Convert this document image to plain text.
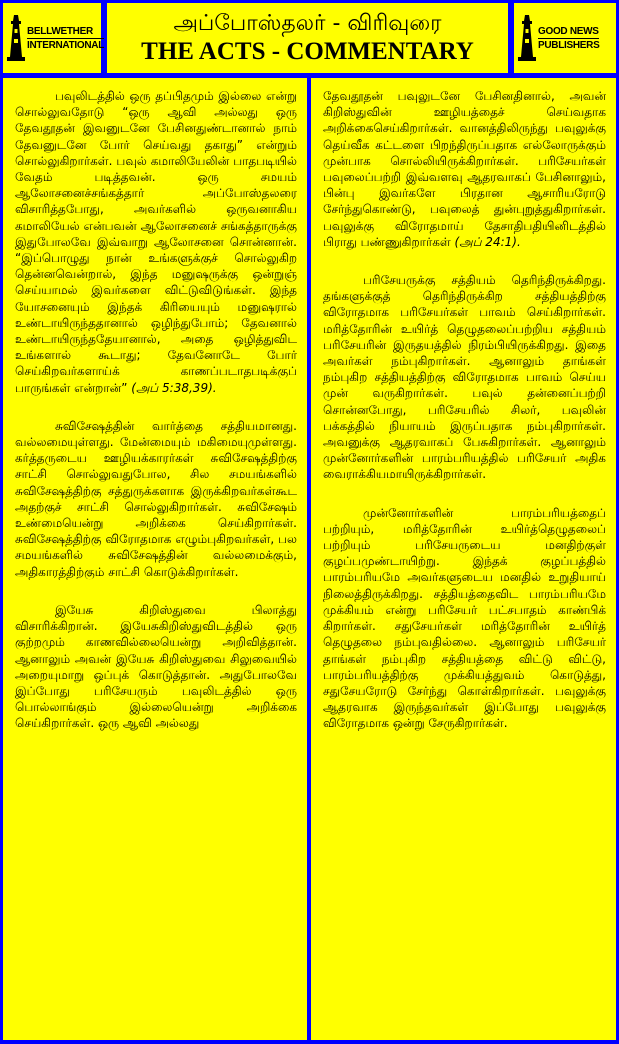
BELLWETHER
INTERNATIONAL
அப்போஸ்தலர் - விரிவுரை
THE ACTS - COMMENTARY
GOOD NEWS
PUBLISHERS

பவுலிடத்தில் ஒரு தப்பிதமும் இல்லை என்று சொல்லுவதோடு “ஒரு ஆவி அல்லது ஒரு தேவதூதன் இவனுடனே பேசினதுண்டானால் நாம் தேவனுடனே போர் செய்வது தகாது” என்றும் சொல்லுகிறார்கள். பவுல் கமாலியேலின் பாதபடியில் வேதம் படித்தவன். ஒரு சமயம் ஆலோசனைச்சங்கத்தார் அப்போஸ்தலரை விசாரித்தபோது, அவர்களில் ஒருவனாகிய கமாலியேல் என்பவன் ஆலோசனைச் சங்கத்தாருக்கு இதுபோலவே இவ்வாறு ஆலோசனை சொன்னான். “இப்பொழுது நான் உங்களுக்குச் சொல்லுகிற தென்னவென்றால், இந்த மனுஷருக்கு ஒன்றுஞ் செய்யாமல் இவர்களை விட்டுவிடுங்கள். இந்த யோசனையும் இந்தக் கிரியையும் மனுஷரால் உண்டாயிருந்ததானால் ஒழிந்துபோம்; தேவனால் உண்டாயிருந்ததேயானால், அதை ஒழித்துவிட உங்களால் கூடாது; தேவனோடே போர் செய்கிறவர்களாய்க் காணப்படாதபடிக்குப் பாருங்கள் என்றான்” (அப் 5:38,39).

சுவிசேஷத்தின் வார்த்தை சத்தியமானது. வல்லமையுள்ளது. மேன்மையும் மகிமையுமுள்ளது. கர்த்தருடைய ஊழியக்காரர்கள் சுவிசேஷத்திற்கு சாட்சி சொல்லுவதுபோல, சில சமயங்களில் சுவிசேஷத்திற்கு சத்துருக்களாக இருக்கிறவர்கள்கூட அதற்குச் சாட்சி சொல்லுகிறார்கள். சுவிசேஷம் உண்மையென்று அறிக்கை செய்கிறார்கள். சுவிசேஷத்திற்கு விரோதமாக எழும்புகிறவர்கள், பல சமயங்களில் சுவிசேஷத்தின் வல்லமைக்கும், அதிகாரத்திற்கும் சாட்சி கொடுக்கிறார்கள்.

இயேசு கிறிஸ்துவை பிலாத்து விசாரிக்கிறான். இயேசுகிறிஸ்துவிடத்தில் ஒரு குற்றமும் காணவில்லையென்று அறிவித்தான். ஆனாலும் அவன் இயேசு கிறிஸ்துவை சிலுவையில் அறையுமாறு ஒப்புக் கொடுத்தான். அதுபோலவே இப்போது பரிசேயரும் பவுலிடத்தில் ஒரு பொல்லாங்கும் இல்லையென்று அறிக்கை செய்கிறார்கள். ஒரு ஆவி அல்லது

தேவதூதன் பவுலுடனே பேசினதினால், அவன் கிறிஸ்துவின் ஊழியத்தைச் செய்வதாக அறிக்கைசெய்கிறார்கள். வானத்திலிருந்து பவுலுக்கு தெய்வீக கட்டளை பிறந்திருப்பதாக எல்லோருக்கும் முன்பாக சொல்லியிருக்கிறார்கள். பரிசேயர்கள் பவுலைப்பற்றி இவ்வளவு ஆதரவாகப் பேசினாலும், பின்பு இவர்களே பிரதான ஆசாரியரோடு சேர்ந்துகொண்டு, பவுலைத் துன்புறுத்துகிறார்கள். பவுலுக்கு விரோதமாய் தேசாதிபதியினிடத்தில் பிராது பண்ணுகிறார்கள் (அப் 24:1).

பரிசேயருக்கு சத்தியம் தெரிந்திருக்கிறது. தங்களுக்குத் தெரிந்திருக்கிற சத்தியத்திற்கு விரோதமாக பரிசேயர்கள் பாவம் செய்கிறார்கள். மரித்தோரின் உயிர்த் தெழுதலைப்பற்றிய சத்தியம் பரிசேயரின் இருதயத்தில் நிரம்பியிருக்கிறது. இதை அவர்கள் நம்புகிறார்கள். ஆனாலும் தாங்கள் நம்புகிற சத்தியத்திற்கு விரோதமாக பாவம் செய்ய முன் வருகிறார்கள். பவுல் தன்னைப்பற்றி சொன்னபோது, பரிசேயரில் சிலர், பவுலின் பக்கத்தில் நியாயம் இருப்பதாக நம்புகிறார்கள். அவனுக்கு ஆதரவாகப் பேசுகிறார்கள். ஆனாலும் முன்னோர்களின் பாரம்பரியத்தில் பரிசேயர் அதிக வைராக்கியமாயிருக்கிறார்கள்.

முன்னோர்களின் பாரம்பரியத்தைப் பற்றியும், மரித்தோரின் உயிர்த்தெழுதலைப் பற்றியும் பரிசேயருடைய மனதிற்குள் குழப்பமுண்டாயிற்று. இந்தக் குழப்பத்தில் பாரம்பரியமே அவர்களுடைய மனதில் உறுதியாய் நிலைத்திருக்கிறது. சத்தியத்தைவிட பாரம்பரியமே முக்கியம் என்று பரிசேயர் பட்சபாதம் காண்பிக் கிறார்கள். சதுசேயர்கள் மரித்தோரின் உயிர்த் தெழுதலை நம்புவதில்லை. ஆனாலும் பரிசேயர் தாங்கள் நம்புகிற சத்தியத்தை விட்டு விட்டு, பாரம்பரியத்திற்கு முக்கியத்துவம் கொடுத்து, சதுசேயரோடு சேர்ந்து கொள்கிறார்கள். பவுலுக்கு ஆதரவாக இருந்தவர்கள் இப்போது பவுலுக்கு விரோதமாக ஒன்று சேருகிறார்கள்.
